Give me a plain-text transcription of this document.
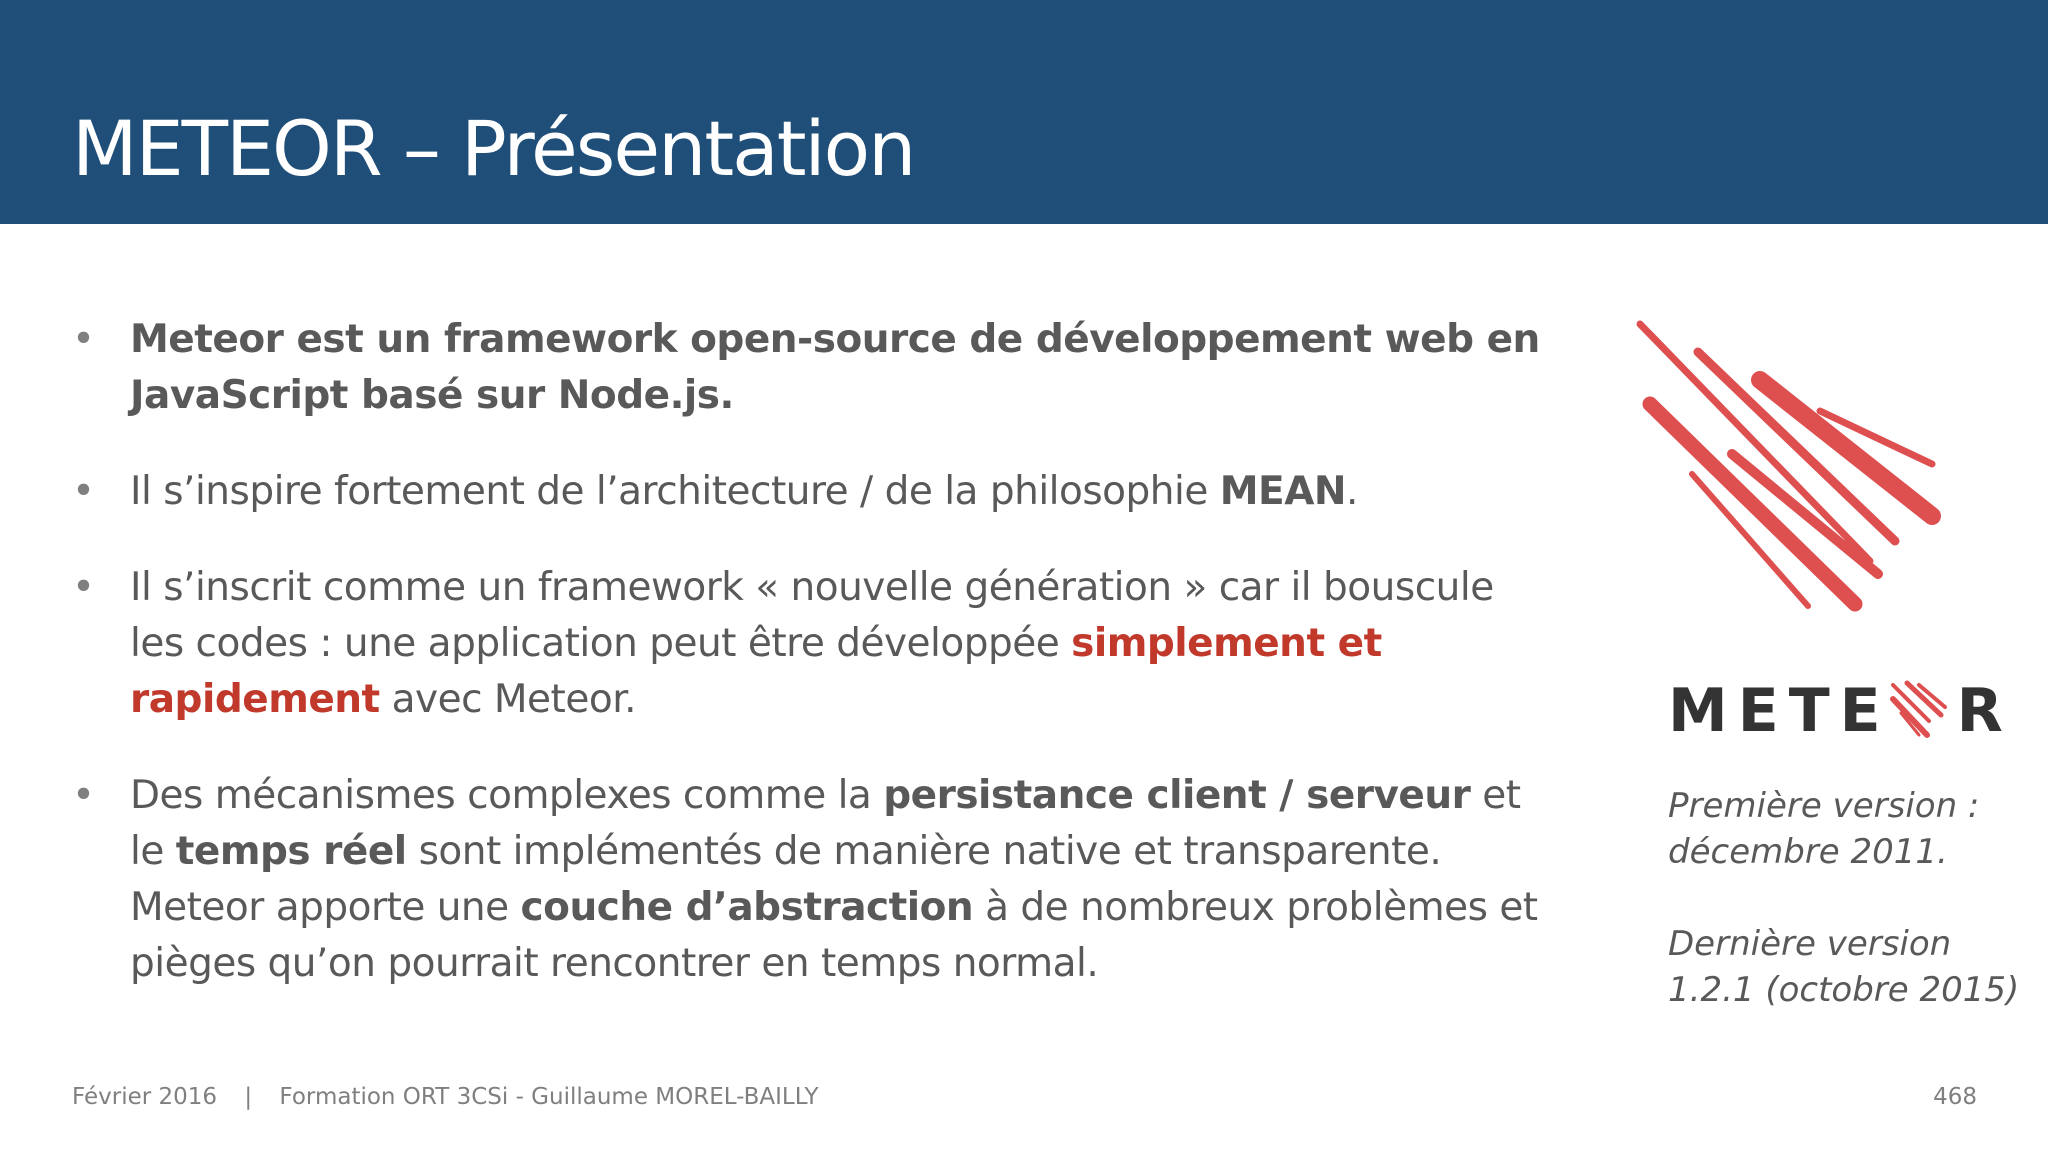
METEOR – Présentation
• Meteor est un framework open-source de développement web en JavaScript basé sur Node.js.
• Il s’inspire fortement de l’architecture / de la philosophie MEAN.
• Il s’inscrit comme un framework « nouvelle génération » car il bouscule les codes : une application peut être développée simplement et rapidement avec Meteor.
• Des mécanismes complexes comme la persistance client / serveur et le temps réel sont implémentés de manière native et transparente. Meteor apporte une couche d’abstraction à de nombreux problèmes et pièges qu’on pourrait rencontrer en temps normal.
METE R
Première version : décembre 2011.
Dernière version 1.2.1 (octobre 2015)
Février 2016 | Formation ORT 3CSi - Guillaume MOREL-BAILLY	468
